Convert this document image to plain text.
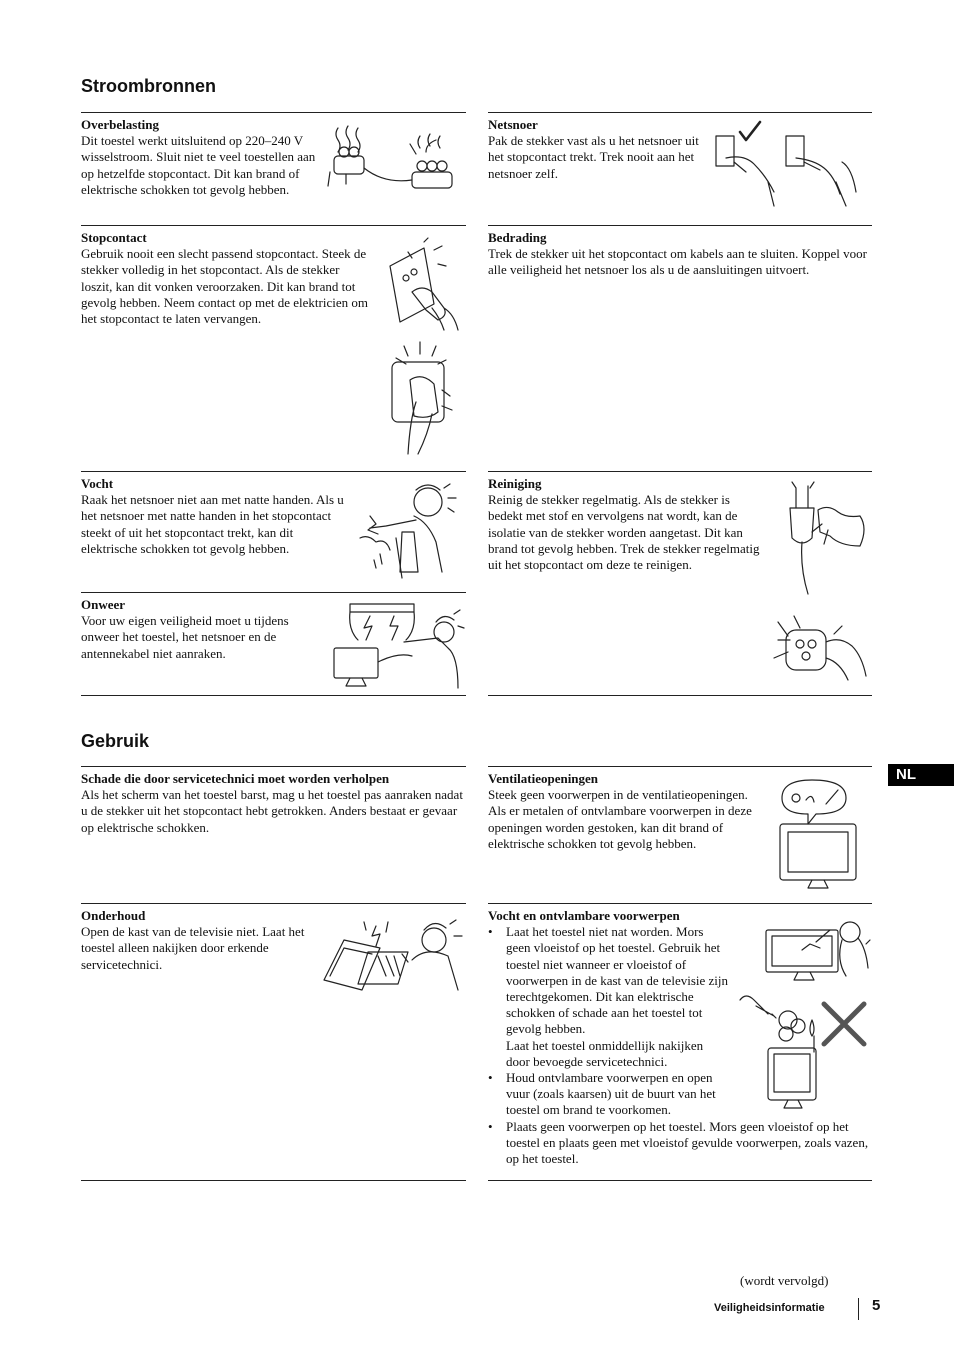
Stroombronnen
Gebruik
Overbelasting

Dit toestel werkt uitsluitend op 220–240 V wisselstroom. Sluit niet te veel toestellen aan op hetzelfde stopcontact. Dit kan brand of elektrische schokken tot gevolg hebben.

Netsnoer

Pak de stekker vast als u het netsnoer uit het stopcontact trekt. Trek nooit aan het netsnoer zelf.

Stopcontact

Gebruik nooit een slecht passend stopcontact. Steek de stekker volledig in het stopcontact. Als de stekker loszit, kan dit vonken veroorzaken. Dit kan brand tot gevolg hebben. Neem contact op met de elektricien om het stopcontact te laten vervangen.

Bedrading

Trek de stekker uit het stopcontact om kabels aan te sluiten. Koppel voor alle veiligheid het netsnoer los als u de aansluitingen uitvoert.

Vocht

Raak het netsnoer niet aan met natte handen. Als u het netsnoer met natte handen in het stopcontact steekt of uit het stopcontact trekt, kan dit elektrische schokken tot gevolg hebben.

Reiniging

Reinig de stekker regelmatig. Als de stekker is bedekt met stof en vervolgens nat wordt, kan de isolatie van de stekker worden aangetast. Dit kan brand tot gevolg hebben. Trek de stekker regelmatig uit het stopcontact om deze te reinigen.

Onweer

Voor uw eigen veiligheid moet u tijdens onweer het toestel, het netsnoer en de antennekabel niet aanraken.

Schade die door servicetechnici moet worden verholpen

Als het scherm van het toestel barst, mag u het toestel pas aanraken nadat u de stekker uit het stopcontact hebt getrokken. Anders bestaat er gevaar op elektrische schokken.

Ventilatieopeningen

Steek geen voorwerpen in de ventilatieopeningen. Als er metalen of ontvlambare voorwerpen in deze openingen worden gestoken, kan dit brand of elektrische schokken tot gevolg hebben.

Onderhoud

Open de kast van de televisie niet. Laat het toestel alleen nakijken door erkende servicetechnici.

Vocht en ontvlambare voorwerpen
• Laat het toestel niet nat worden. Mors geen vloeistof op het toestel. Gebruik het toestel niet wanneer er vloeistof of voorwerpen in de kast van de televisie zijn terechtgekomen. Dit kan elektrische schokken of schade aan het toestel tot gevolg hebben.
Laat het toestel onmiddellijk nakijken door bevoegde servicetechnici.
• Houd ontvlambare voorwerpen en open vuur (zoals kaarsen) uit de buurt van het toestel om brand te voorkomen.
• Plaats geen voorwerpen op het toestel. Mors geen vloeistof op het toestel en plaats geen met vloeistof gevulde voorwerpen, zoals vazen, op het toestel.
NL
(wordt vervolgd)
Veiligheidsinformatie	5
